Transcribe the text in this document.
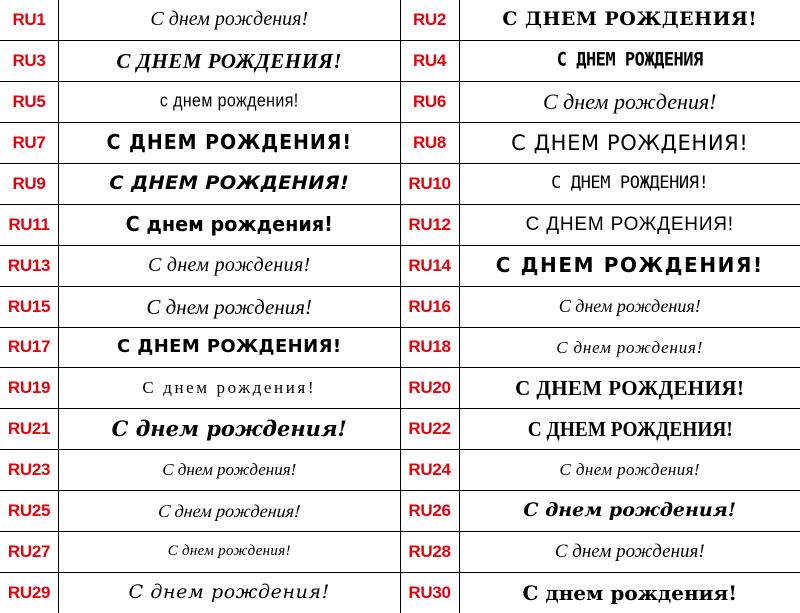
RU1	С днем рождения!	RU2	С ДНЕМ РОЖДЕНИЯ!
RU3	С ДНЕМ РОЖДЕНИЯ!	RU4	С ДНЕМ РОЖДЕНИЯ
RU5	с днем рождения!	RU6	С днем рождения!
RU7	С ДНЕМ РОЖДЕНИЯ!	RU8	С ДНЕМ РОЖДЕНИЯ!
RU9	С ДНЕМ РОЖДЕНИЯ!	RU10	С ДНЕМ РОЖДЕНИЯ!
RU11	С днем рождения!	RU12	С ДНЕМ РОЖДЕНИЯ!
RU13	С днем рождения!	RU14	С ДНЕМ РОЖДЕНИЯ!
RU15	С днем рождения!	RU16	С днем рождения!
RU17	С ДНЕМ РОЖДЕНИЯ!	RU18	С днем рождения!
RU19	С днем рождения!	RU20	С ДНЕМ РОЖДЕНИЯ!
RU21	С днем рождения!	RU22	С ДНЕМ РОЖДЕНИЯ!
RU23	С днем рождения!	RU24	С днем рождения!
RU25	С днем рождения!	RU26	С днем рождения!
RU27	С днем рождения!	RU28	С днем рождения!
RU29	С днем рождения!	RU30	С днем рождения!
